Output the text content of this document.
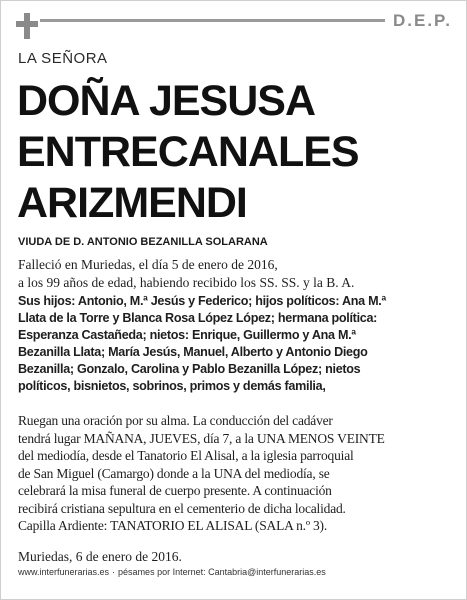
D.E.P.
LA SEÑORA
DOÑA JESUSA
ENTRECANALES
ARIZMENDI
VIUDA DE D. ANTONIO BEZANILLA SOLARANA
Falleció en Muriedas, el día 5 de enero de 2016,
a los 99 años de edad, habiendo recibido los SS. SS. y la B. A.
Sus hijos: Antonio, M.ª Jesús y Federico; hijos políticos: Ana M.ª
Llata de la Torre y Blanca Rosa López López; hermana política:
Esperanza Castañeda; nietos: Enrique, Guillermo y Ana M.ª
Bezanilla Llata; María Jesús, Manuel, Alberto y Antonio Diego
Bezanilla; Gonzalo, Carolina y Pablo Bezanilla López; nietos
políticos, bisnietos, sobrinos, primos y demás familia,
Ruegan una oración por su alma. La conducción del cadáver
tendrá lugar MAÑANA, JUEVES, día 7, a la UNA MENOS VEINTE
del mediodía, desde el Tanatorio El Alisal, a la iglesia parroquial
de San Miguel (Camargo) donde a la UNA del mediodía, se
celebrará la misa funeral de cuerpo presente. A continuación
recibirá cristiana sepultura en el cementerio de dicha localidad.
Capilla Ardiente: TANATORIO EL ALISAL (SALA n.º 3).
Muriedas, 6 de enero de 2016.
www.interfunerarias.es · pésames por Internet: Cantabria@interfunerarias.es
